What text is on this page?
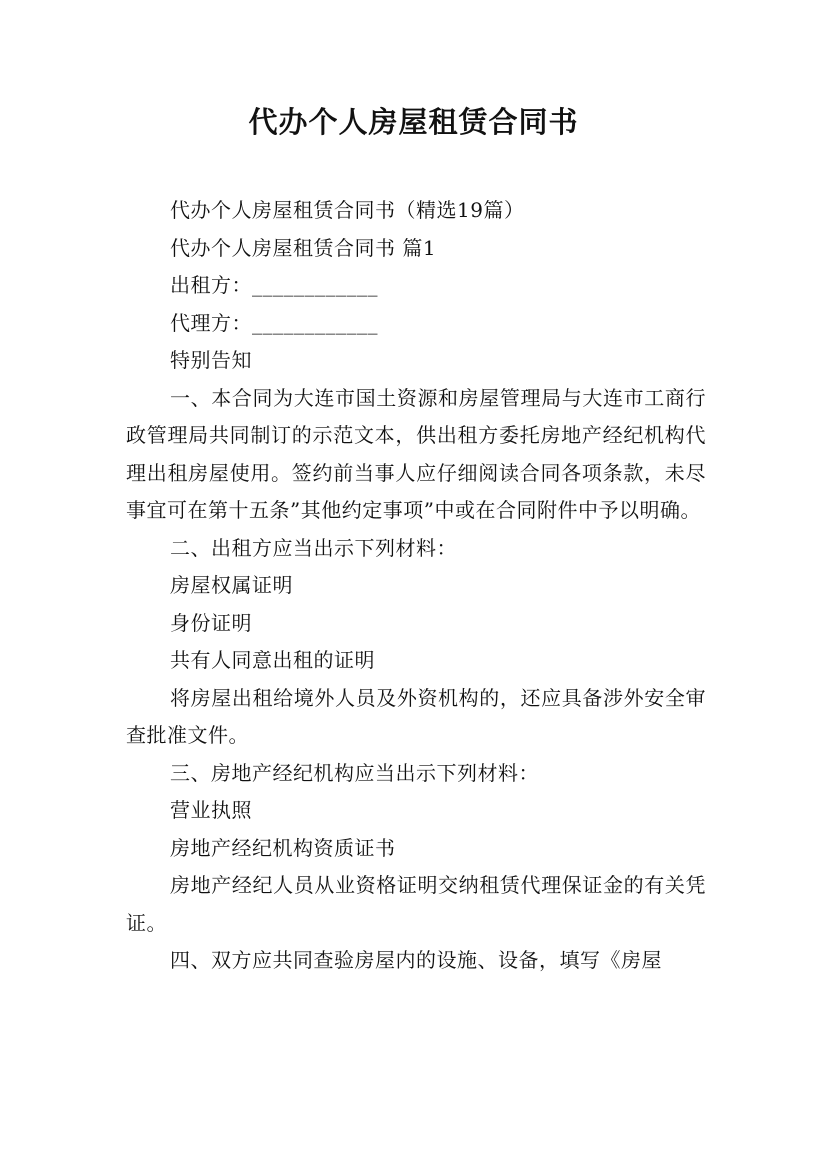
代办个人房屋租赁合同书

代办个人房屋租赁合同书（精选19篇）

代办个人房屋租赁合同书 篇1

出租方：____________

代理方：____________

特别告知

一、本合同为大连市国土资源和房屋管理局与大连市工商行政管理局共同制订的示范文本，供出租方委托房地产经纪机构代理出租房屋使用。签约前当事人应仔细阅读合同各项条款，未尽事宜可在第十五条”其他约定事项”中或在合同附件中予以明确。

二、出租方应当出示下列材料：

房屋权属证明

身份证明

共有人同意出租的证明

将房屋出租给境外人员及外资机构的，还应具备涉外安全审查批准文件。

三、房地产经纪机构应当出示下列材料：

营业执照

房地产经纪机构资质证书

房地产经纪人员从业资格证明交纳租赁代理保证金的有关凭证。

四、双方应共同查验房屋内的设施、设备，填写《房屋
